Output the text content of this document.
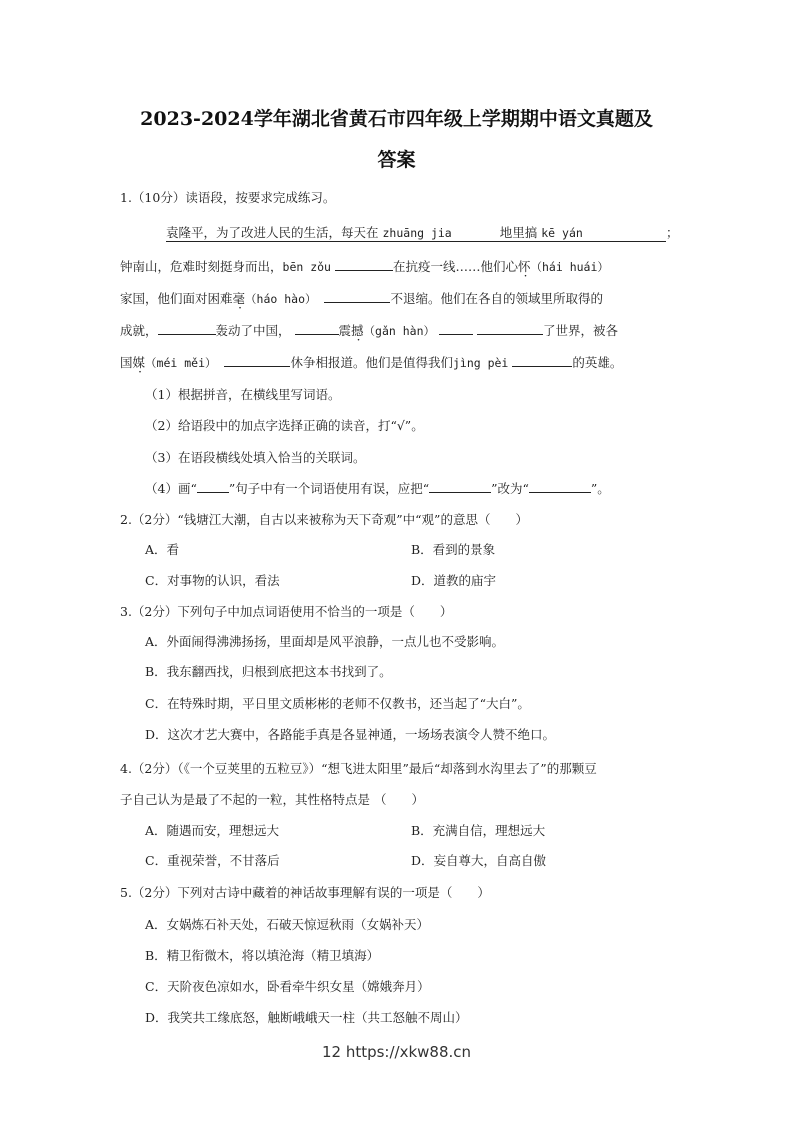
2023-2024学年湖北省黄石市四年级上学期期中语文真题及
答案
1.（10分）读语段，按要求完成练习。
袁隆平，为了改进人民的生活，每天在 zhuāng jia	地里搞 kē yán	；
钟南山，危难时刻挺身而出，bēn zǒu	在抗疫一线……他们心怀（hái huái）
家国，他们面对困难毫（háo hào）	不退缩。他们在各自的领域里所取得的
成就，	轰动了中国，	震撼（gǎn hàn）	了世界，被各
国媒（méi měi）	休争相报道。他们是值得我们jìng pèi	的英雄。
（1）根据拼音，在横线里写词语。
（2）给语段中的加点字选择正确的读音，打“√”。
（3）在语段横线处填入恰当的关联词。
（4）画“	”句子中有一个词语使用有误，应把“	”改为“	”。
2.（2分）“钱塘江大潮，自古以来被称为天下奇观”中“观”的意思（　　）
A．看	B．看到的景象
C．对事物的认识，看法	D．道教的庙宇
3.（2分）下列句子中加点词语使用不恰当的一项是（　　）
A．外面闹得沸沸扬扬，里面却是风平浪静，一点儿也不受影响。
B．我东翻西找，归根到底把这本书找到了。
C．在特殊时期，平日里文质彬彬的老师不仅教书，还当起了“大白”。
D．这次才艺大赛中，各路能手真是各显神通，一场场表演令人赞不绝口。
4.（2分）（《一个豆荚里的五粒豆》）“想飞进太阳里”最后“却落到水沟里去了”的那颗豆
子自己认为是最了不起的一粒，其性格特点是 （　　）
A．随遇而安，理想远大	B．充满自信，理想远大
C．重视荣誉，不甘落后	D．妄自尊大，自高自傲
5.（2分）下列对古诗中藏着的神话故事理解有误的一项是（　　）
A．女娲炼石补天处，石破天惊逗秋雨（女娲补天）
B．精卫衔微木，将以填沧海（精卫填海）
C．天阶夜色凉如水，卧看牵牛织女星（嫦娥奔月）
D．我笑共工缘底怒，触断峨峨天一柱（共工怒触不周山）
12 https://xkw88.cn
